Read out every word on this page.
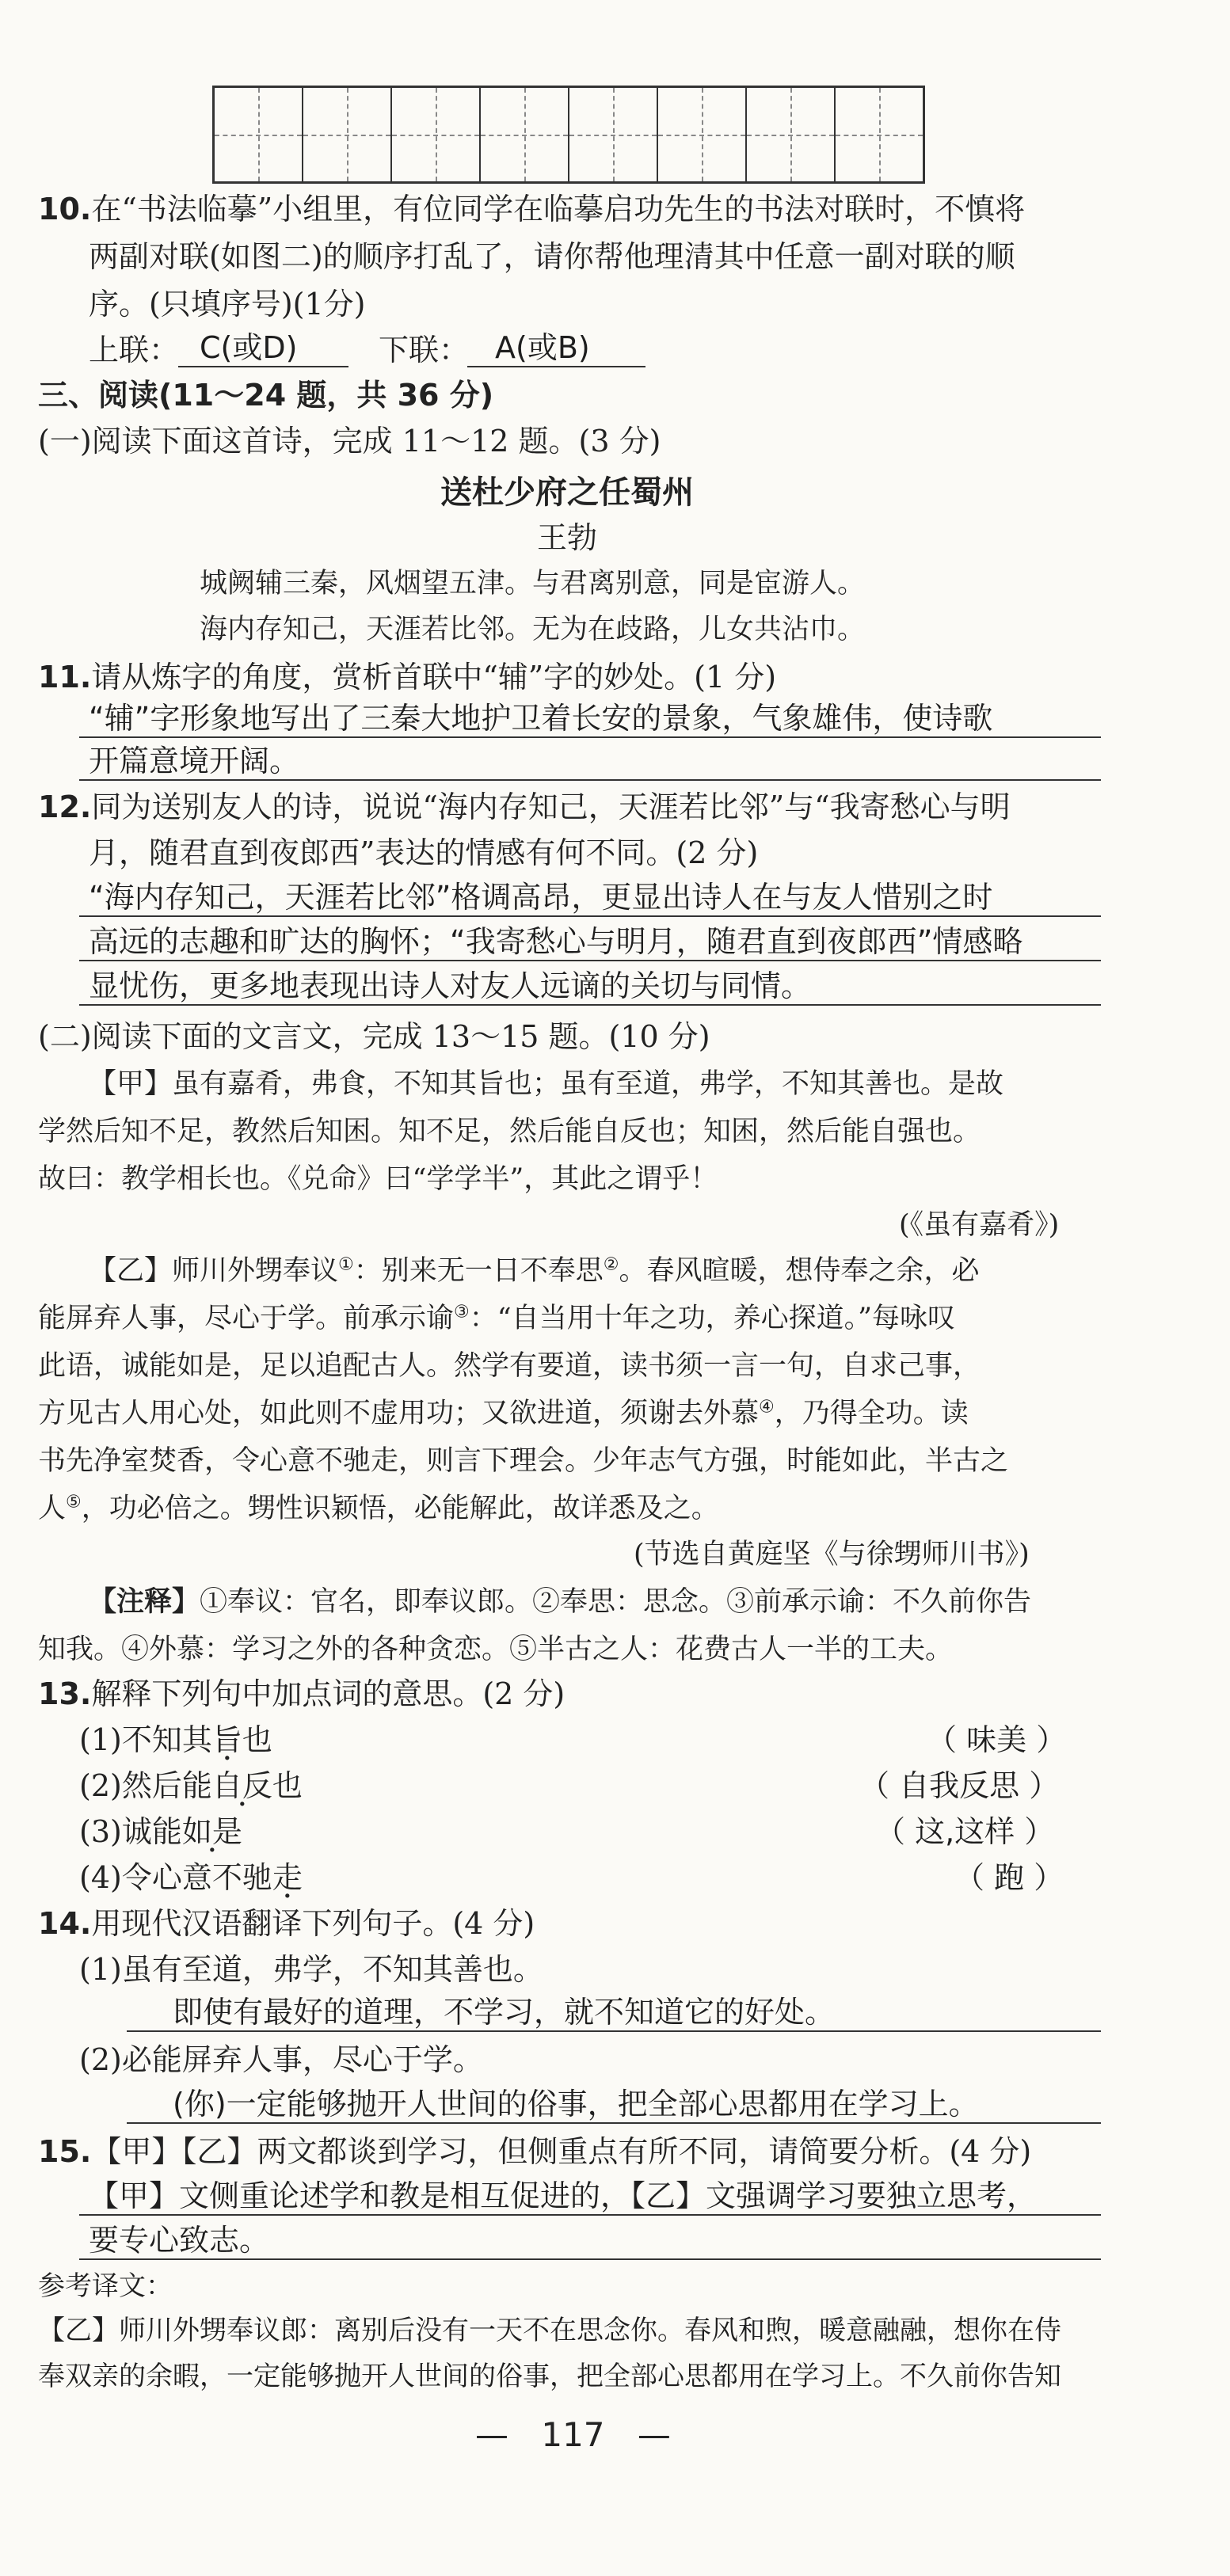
10.在“书法临摹”小组里，有位同学在临摹启功先生的书法对联时，不慎将
两副对联(如图二)的顺序打乱了，请你帮他理清其中任意一副对联的顺
序。(只填序号)(1分)
上联： C(或D)	下联： A(或B)
三、阅读(11～24 题，共 36 分)
(一)阅读下面这首诗，完成 11～12 题。(3 分)
送杜少府之任蜀州
王勃
城阙辅三秦，风烟望五津。与君离别意，同是宦游人。
海内存知己，天涯若比邻。无为在歧路，儿女共沾巾。
11.请从炼字的角度，赏析首联中“辅”字的妙处。(1 分)
“辅”字形象地写出了三秦大地护卫着长安的景象，气象雄伟，使诗歌
开篇意境开阔。
12.同为送别友人的诗，说说“海内存知己，天涯若比邻”与“我寄愁心与明
月，随君直到夜郎西”表达的情感有何不同。(2 分)
“海内存知己，天涯若比邻”格调高昂，更显出诗人在与友人惜别之时
高远的志趣和旷达的胸怀；“我寄愁心与明月，随君直到夜郎西”情感略
显忧伤，更多地表现出诗人对友人远谪的关切与同情。
(二)阅读下面的文言文，完成 13～15 题。(10 分)
【甲】虽有嘉肴，弗食，不知其旨也；虽有至道，弗学，不知其善也。是故
学然后知不足，教然后知困。知不足，然后能自反也；知困，然后能自强也。
故曰：教学相长也。《兑命》曰“学学半”，其此之谓乎！
(《虽有嘉肴》)
【乙】师川外甥奉议①：别来无一日不奉思②。春风暄暖，想侍奉之余，必
能屏弃人事，尽心于学。前承示谕③：“自当用十年之功，养心探道。”每咏叹
此语，诚能如是，足以追配古人。然学有要道，读书须一言一句，自求己事，
方见古人用心处，如此则不虚用功；又欲进道，须谢去外慕④，乃得全功。读
书先净室焚香，令心意不驰走，则言下理会。少年志气方强，时能如此，半古之
人⑤，功必倍之。甥性识颖悟，必能解此，故详悉及之。
(节选自黄庭坚《与徐甥师川书》)
【注释】①奉议：官名，即奉议郎。②奉思：思念。③前承示谕：不久前你告
知我。④外慕：学习之外的各种贪恋。⑤半古之人：花费古人一半的工夫。
13.解释下列句中加点词的意思。(2 分)
(1)不知其旨也	（ 味美 ）
(2)然后能自反也	（ 自我反思 ）
(3)诚能如是	（ 这,这样 ）
(4)令心意不驰走	（ 跑 ）
14.用现代汉语翻译下列句子。(4 分)
(1)虽有至道，弗学，不知其善也。
即使有最好的道理，不学习，就不知道它的好处。
(2)必能屏弃人事，尽心于学。
(你)一定能够抛开人世间的俗事，把全部心思都用在学习上。
15.【甲】【乙】两文都谈到学习，但侧重点有所不同，请简要分析。(4 分)
【甲】文侧重论述学和教是相互促进的，【乙】文强调学习要独立思考，
要专心致志。
参考译文：
【乙】师川外甥奉议郎：离别后没有一天不在思念你。春风和煦，暖意融融，想你在侍
奉双亲的余暇，一定能够抛开人世间的俗事，把全部心思都用在学习上。不久前你告知
— 117 —
